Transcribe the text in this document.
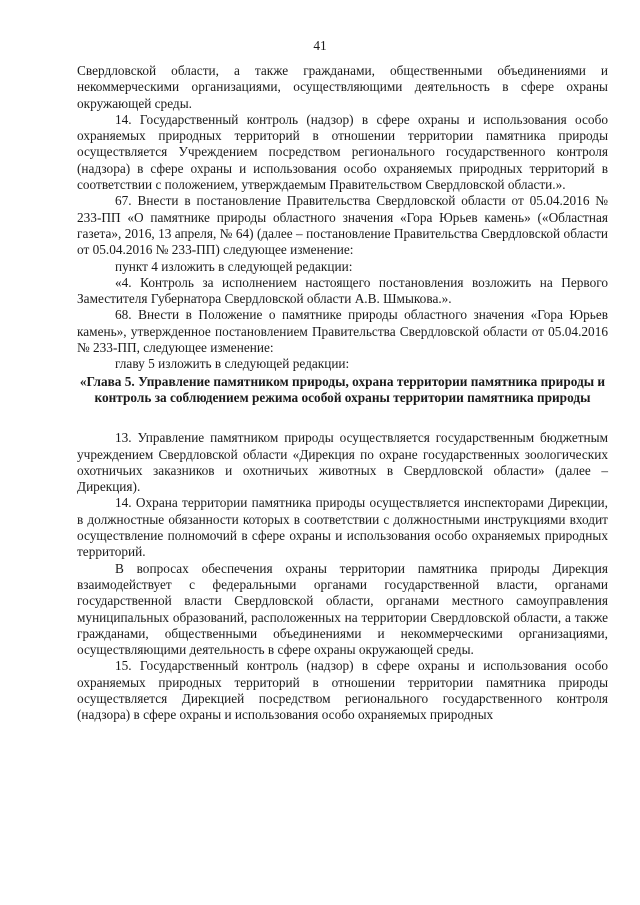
41

Свердловской области, а также гражданами, общественными объединениями и некоммерческими организациями, осуществляющими деятельность в сфере охраны окружающей среды.

14. Государственный контроль (надзор) в сфере охраны и использования особо охраняемых природных территорий в отношении территории памятника природы осуществляется Учреждением посредством регионального государственного контроля (надзора) в сфере охраны и использования особо охраняемых природных территорий в соответствии с положением, утверждаемым Правительством Свердловской области.».

67. Внести в постановление Правительства Свердловской области от 05.04.2016 № 233-ПП «О памятнике природы областного значения «Гора Юрьев камень» («Областная газета», 2016, 13 апреля, № 64) (далее – постановление Правительства Свердловской области от 05.04.2016 № 233-ПП) следующее изменение:

пункт 4 изложить в следующей редакции:

«4. Контроль за исполнением настоящего постановления возложить на Первого Заместителя Губернатора Свердловской области А.В. Шмыкова.».

68. Внести в Положение о памятнике природы областного значения «Гора Юрьев камень», утвержденное постановлением Правительства Свердловской области от 05.04.2016 № 233-ПП, следующее изменение:

главу 5 изложить в следующей редакции:

«Глава 5. Управление памятником природы, охрана территории памятника природы и контроль за соблюдением режима особой охраны территории памятника природы

13. Управление памятником природы осуществляется государственным бюджетным учреждением Свердловской области «Дирекция по охране государственных зоологических охотничьих заказников и охотничьих животных в Свердловской области» (далее – Дирекция).

14. Охрана территории памятника природы осуществляется инспекторами Дирекции, в должностные обязанности которых в соответствии с должностными инструкциями входит осуществление полномочий в сфере охраны и использования особо охраняемых природных территорий.

В вопросах обеспечения охраны территории памятника природы Дирекция взаимодействует с федеральными органами государственной власти, органами государственной власти Свердловской области, органами местного самоуправления муниципальных образований, расположенных на территории Свердловской области, а также гражданами, общественными объединениями и некоммерческими организациями, осуществляющими деятельность в сфере охраны окружающей среды.

15. Государственный контроль (надзор) в сфере охраны и использования особо охраняемых природных территорий в отношении территории памятника природы осуществляется Дирекцией посредством регионального государственного контроля (надзора) в сфере охраны и использования особо охраняемых природных
